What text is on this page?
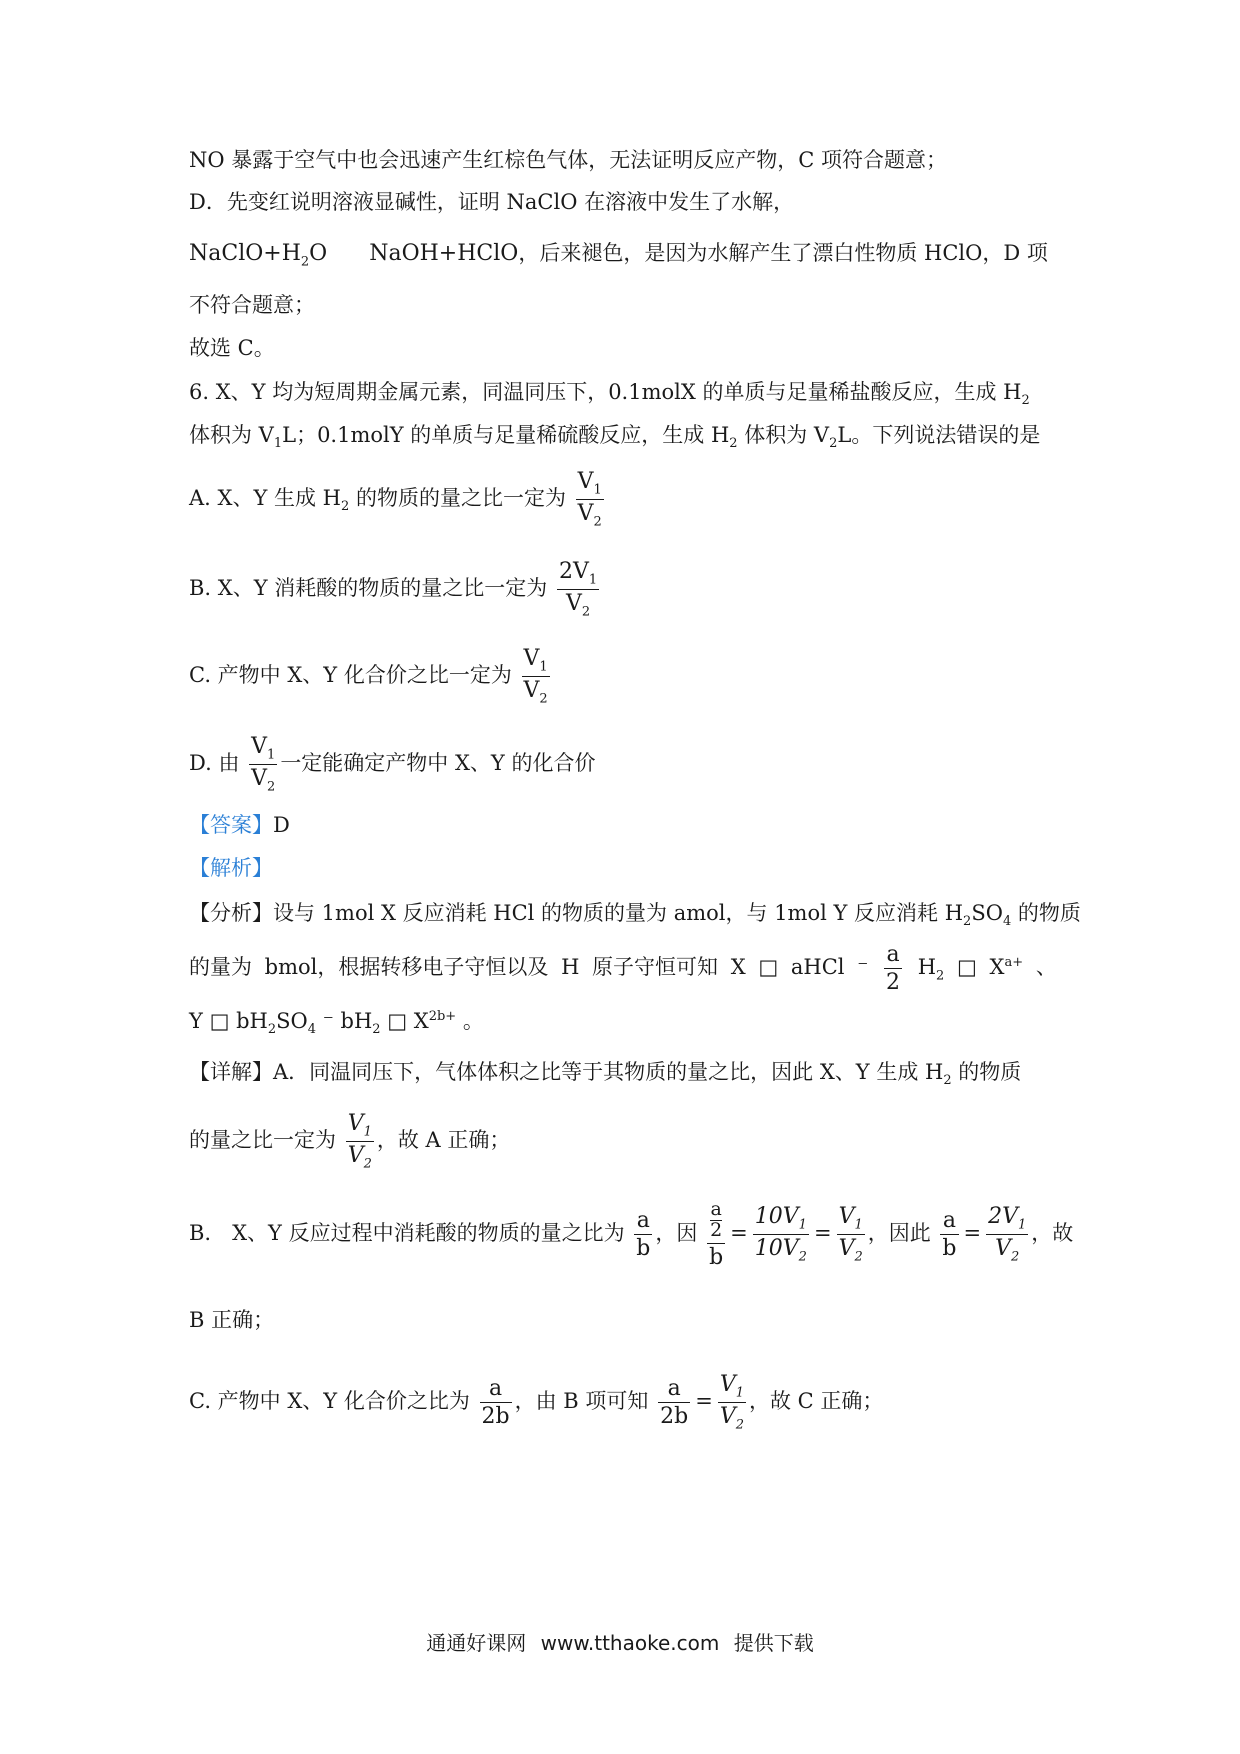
NO 暴露于空气中也会迅速产生红棕色气体，无法证明反应产物，C 项符合题意；
D．先变红说明溶液显碱性，证明 NaClO 在溶液中发生了水解，
$NaClO+H_2O$ NaOH+HClO，后来褪色，是因为水解产生了漂白性物质 HClO，D 项
不符合题意；
故选 C。
6. X、Y 均为短周期金属元素，同温同压下，0.1molX 的单质与足量稀盐酸反应，生成 $H_2$
体积为 $V_1L$；0.1molY 的单质与足量稀硫酸反应，生成 $H_2$ 体积为 $V_2L$。下列说法错误的是
A. X、Y 生成 $H_2$ 的物质的量之比一定为 $\frac{V_1}{V_2}$
B. X、Y 消耗酸的物质的量之比一定为 $\frac{2V_1}{V_2}$
C. 产物中 X、Y 化合价之比一定为 $\frac{V_1}{V_2}$
D. 由 $\frac{V_1}{V_2}$ 一定能确定产物中 X、Y 的化合价
【答案】D
【解析】
【分析】设与 1mol X 反应消耗 HCl 的物质的量为 amol，与 1mol Y 反应消耗 $H_2SO_4$ 的物质
的量为 bmol，根据转移电子守恒以及 H 原子守恒可知 X □ aHCl ⁻ $\frac{a}{2} H_2$ □ $X^{a+}$ 、
Y □ $bH_2SO_4$ ⁻ $bH_2$ □ $X^{2b+}$ 。
【详解】A．同温同压下，气体体积之比等于其物质的量之比，因此 X、Y 生成 $H_2$ 的物质
的量之比一定为 $\frac{V_1}{V_2}$ ，故 A 正确；
B.　X、Y 反应过程中消耗酸的物质的量之比为 $\frac{a}{b}$ ，因 $\frac{\frac{a}{2}}{b} = \frac{10V_1}{10V_2} = \frac{V_1}{V_2}$ ，因此 $\frac{a}{b} = \frac{2V_1}{V_2}$ ，故
B 正确；
C. 产物中 X、Y 化合价之比为 $\frac{a}{2b}$ ，由 B 项可知 $\frac{a}{2b} = \frac{V_1}{V_2}$ ，故 C 正确；
通通好课网 www.tthaoke.com 提供下载
